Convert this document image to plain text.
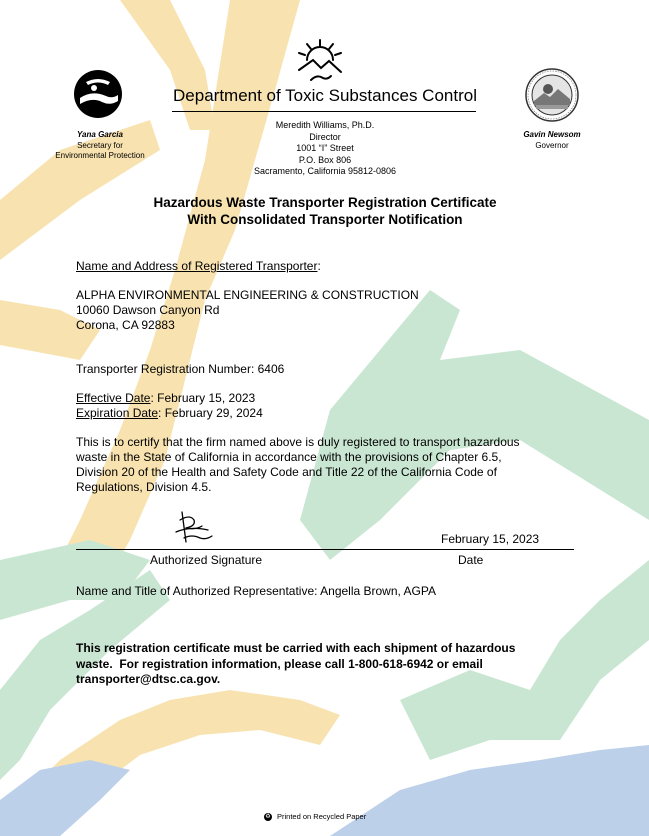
Yana Garcia
Secretary for
Environmental Protection
Department of Toxic Substances Control
Meredith Williams, Ph.D.
Director
1001 “I” Street
P.O. Box 806
Sacramento, California 95812-0806
Gavin Newsom
Governor
Hazardous Waste Transporter Registration Certificate
With Consolidated Transporter Notification
Name and Address of Registered Transporter:
ALPHA ENVIRONMENTAL ENGINEERING & CONSTRUCTION
10060 Dawson Canyon Rd
Corona, CA 92883
Transporter Registration Number: 6406
Effective Date: February 15, 2023
Expiration Date: February 29, 2024
This is to certify that the firm named above is duly registered to transport hazardous
waste in the State of California in accordance with the provisions of Chapter 6.5,
Division 20 of the Health and Safety Code and Title 22 of the California Code of
Regulations, Division 4.5.
February 15, 2023
Authorized Signature	Date
Name and Title of Authorized Representative: Angella Brown, AGPA
This registration certificate must be carried with each shipment of hazardous
waste.  For registration information, please call 1-800-618-6942 or email
transporter@dtsc.ca.gov.
♻ Printed on Recycled Paper
